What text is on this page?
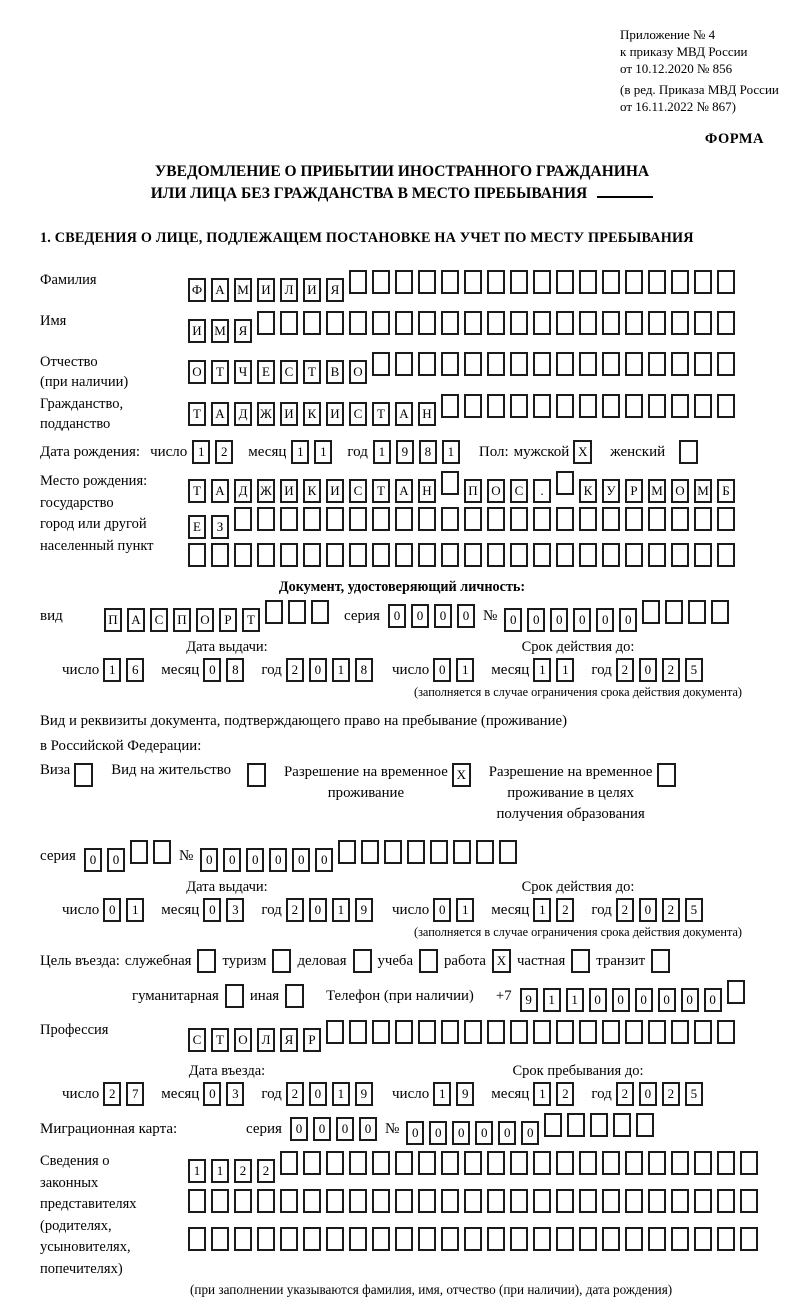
Приложение № 4
к приказу МВД России
от 10.12.2020 № 856
(в ред. Приказа МВД России
от 16.11.2022 № 867)
ФОРМА
УВЕДОМЛЕНИЕ О ПРИБЫТИИ ИНОСТРАННОГО ГРАЖДАНИНА
ИЛИ ЛИЦА БЕЗ ГРАЖДАНСТВА В МЕСТО ПРЕБЫВАНИЯ
1. СВЕДЕНИЯ О ЛИЦЕ, ПОДЛЕЖАЩЕМ ПОСТАНОВКЕ НА УЧЕТ ПО МЕСТУ ПРЕБЫВАНИЯ
Фамилия
Ф А М И Л И Я
Имя
И М Я
Отчество
(при наличии)
О Т Ч Е С Т В О
Гражданство,
подданство
Т А Д Ж И К И С Т А Н
Дата рождения: число 1 2	месяц 1 1	год 1 9 8 1	Пол: мужской X	женский
Место рождения:
государство
город или другой
населенный пункт
Т А Д Ж И К И С Т А Н	П О С .	К У Р М О М Б
Е З
Документ, удостоверяющий личность:
вид	П А С П О Р Т	серия	0 0 0 0 № 0 0 0 0 0 0
Дата выдачи:
число 1 6	месяц 0 8	год 2 0 1 8
Срок действия до:
число 0 1	месяц 1 1	год 2 0 2 5
(заполняется в случае ограничения срока действия документа)
Вид и реквизиты документа, подтверждающего право на пребывание (проживание)
в Российской Федерации:
Виза	Вид на жительство	Разрешение на временное
проживание
X	Разрешение на временное
проживание в целях
получения образования
серия	0 0	№ 0 0 0 0 0 0
Дата выдачи:
число 0 1	месяц 0 3	год 2 0 1 9
Срок действия до:
число 0 1	месяц 1 2	год 2 0 2 5
(заполняется в случае ограничения срока действия документа)
Цель въезда: служебная туризм деловая учеба работа X частная транзит
гуманитарная иная	Телефон (при наличии) +7	9 1 1 0 0 0 0 0 0
Профессия
С Т О Л Я Р
Дата въезда:
число 2 7	месяц 0 3	год 2 0 1 9
Срок пребывания до:
число 1 9	месяц 1 2	год 2 0 2 5
Миграционная карта:	серия	0 0 0 0 № 0 0 0 0 0 0
Сведения о
законных
представителях
(родителях,
усыновителях,
попечителях)
1 1 2 2
(при заполнении указываются фамилия, имя, отчество (при наличии), дата рождения)
